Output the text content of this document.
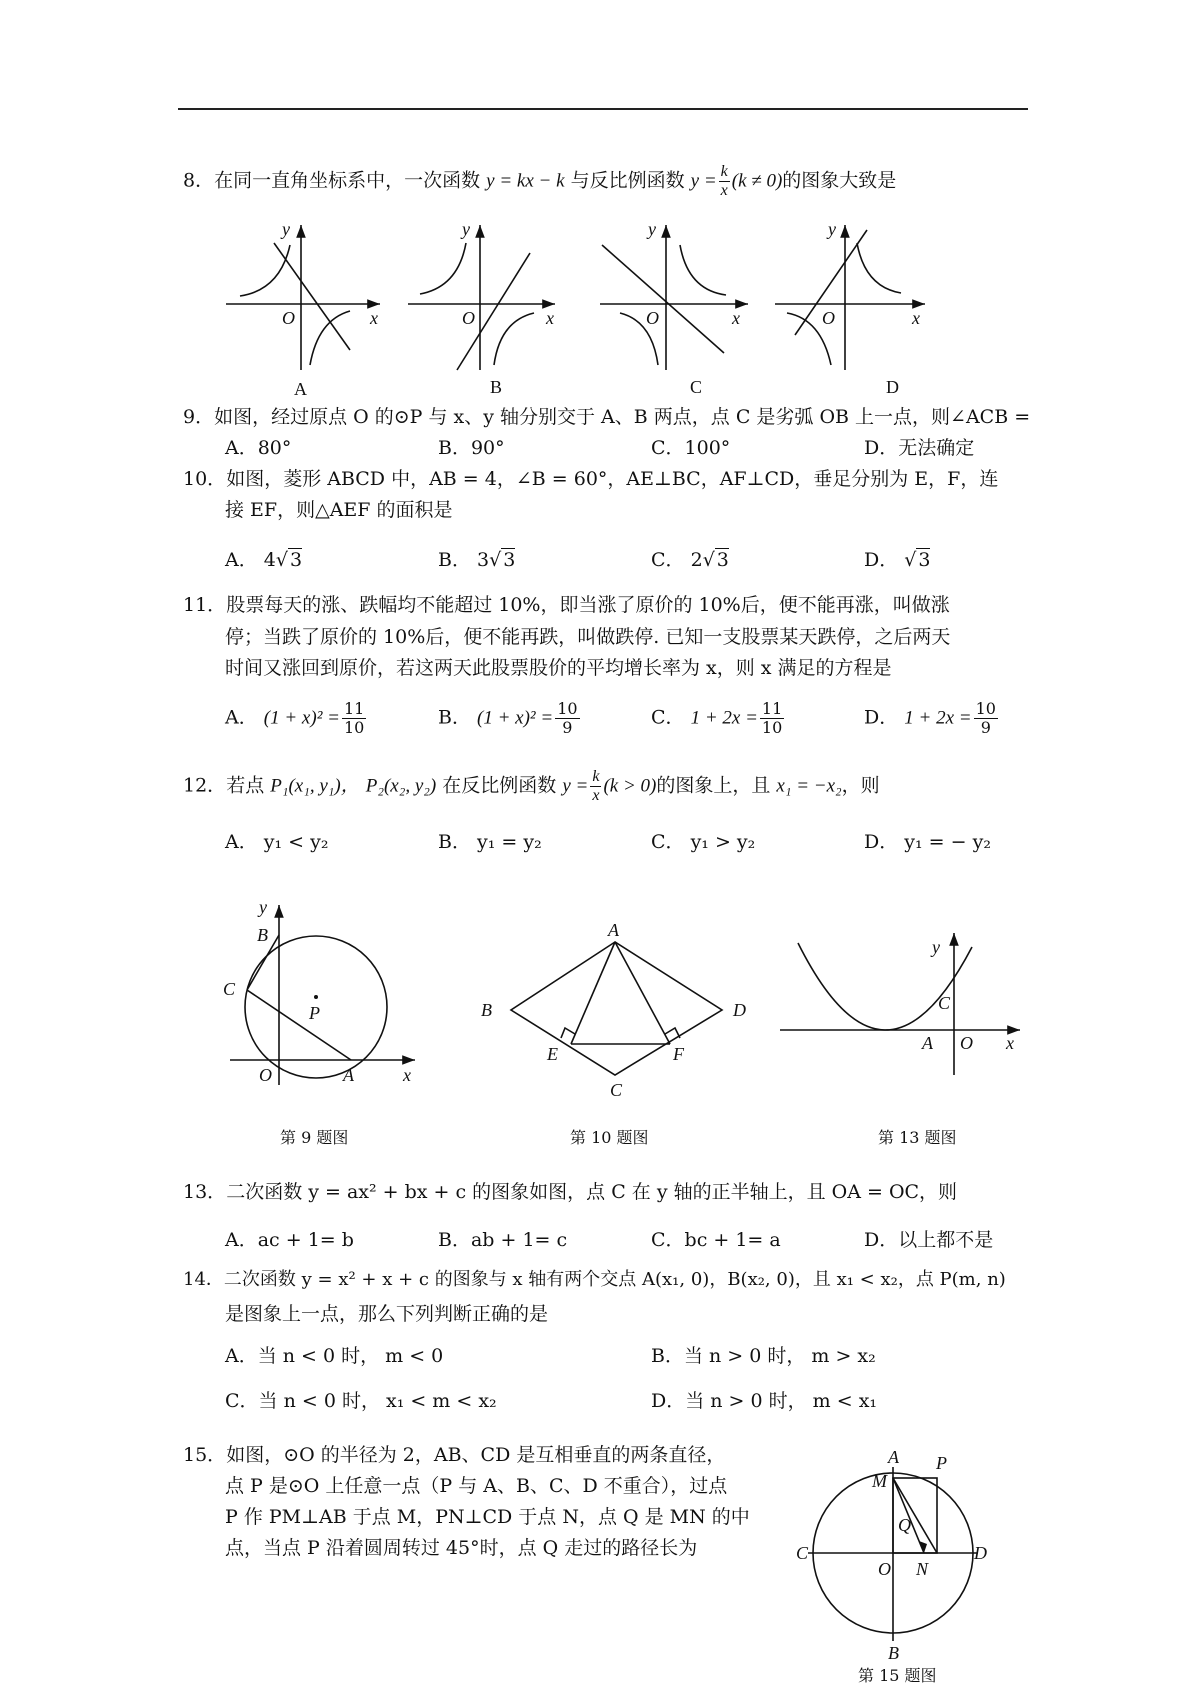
8．在同一直角坐标系中，一次函数 y = kx − k 与反比例函数 $y = \frac{k}{x} (k \ne 0)$的图象大致是
y
O	x
y
O	x
y
O	x
y
O	x
A	B	C	D
9．如图，经过原点 O 的⊙P 与 x、y 轴分别交于 A、B 两点，点 C 是劣弧 OB 上一点，则∠ACB =
A．80°	B．90°	C．100°	D．无法确定
10．如图，菱形 ABCD 中，AB = 4，∠B = 60°，AE⊥BC，AF⊥CD，垂足分别为 E，F，连
接 EF，则△AEF 的面积是
A． 4√ 3	B． 3√ 3	C． 2√ 3	D． √ 3
11．股票每天的涨、跌幅均不能超过 10%，即当涨了原价的 10%后，便不能再涨，叫做涨
停；当跌了原价的 10%后，便不能再跌，叫做跌停. 已知一支股票某天跌停，之后两天
时间又涨回到原价，若这两天此股票股价的平均增长率为 x，则 x 满足的方程是
A． $(1 + x)^2 = \frac{11}{10}$	B． $(1 + x)^2 = \frac{10}{9}$	C． $1 + 2x = \frac{11}{10}$	D． $1 + 2x = \frac{10}{9}$
12．若点 P₁(x₁, y₁)， P₂(x₂, y₂) 在反比例函数 $y = \frac{k}{x} (k > 0)$的图象上，且 x₁ = −x₂，则
A． y₁ < y₂	B． y₁ = y₂	C． y₁ > y₂	D． y₁ = − y₂
y
B
C
P
O	A	x
第 9 题图
A
B	D
E	F
C
第 10 题图
y
C
A O x
第 13 题图
13．二次函数 y = ax² + bx + c 的图象如图，点 C 在 y 轴的正半轴上，且 OA = OC，则
A．ac + 1= b	B．ab + 1= c	C．bc + 1= a	D．以上都不是
14．二次函数 y = x² + x + c 的图象与 x 轴有两个交点 A(x₁, 0)，B(x₂, 0)，且 x₁ < x₂，点 P(m, n)
是图象上一点，那么下列判断正确的是
A．当 n < 0 时， m < 0	B．当 n > 0 时， m > x₂
C．当 n < 0 时， x₁ < m < x₂	D．当 n > 0 时， m < x₁
15．如图，⊙O 的半径为 2，AB、CD 是互相垂直的两条直径，
点 P 是⊙O 上任意一点（P 与 A、B、C、D 不重合），过点
P 作 PM⊥AB 于点 M，PN⊥CD 于点 N，点 Q 是 MN 的中
点，当点 P 沿着圆周转过 45°时，点 Q 走过的路径长为
A P
M
Q
C
O N
D
B
第 15 题图
